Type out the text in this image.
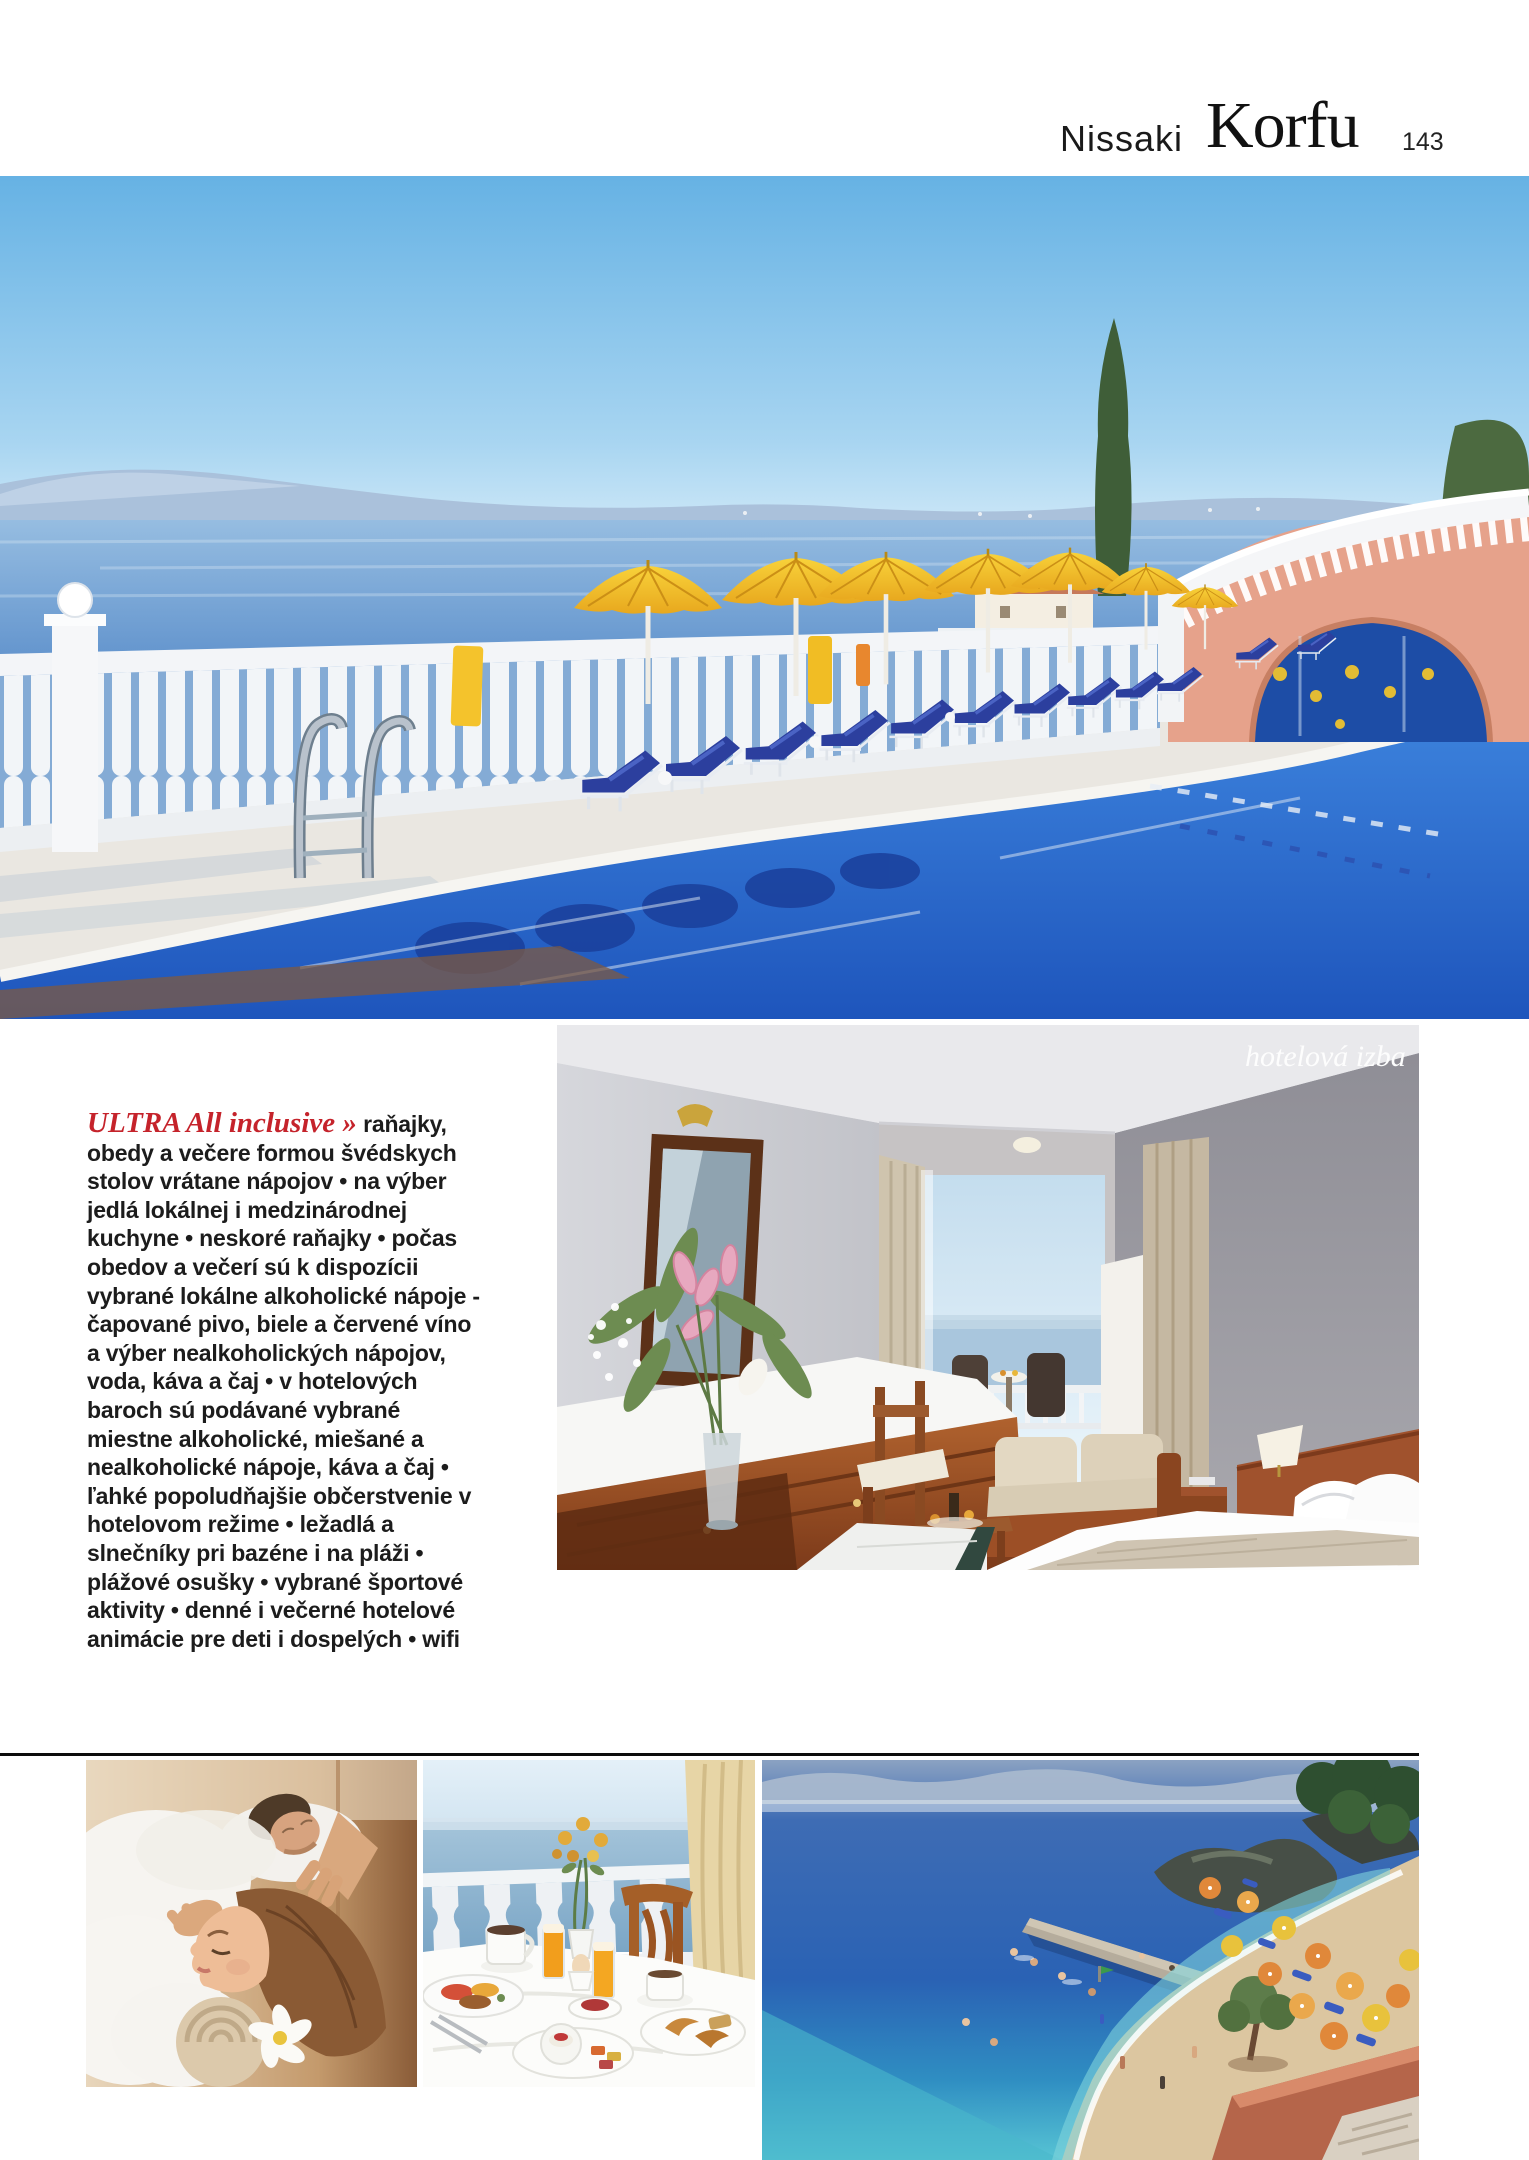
Nissaki Korfu 143
hotelová izba

ULTRA All inclusive » raňajky, obedy a večere formou švédskych stolov vrátane nápojov • na výber jedlá lokálnej i medzinárodnej kuchyne • neskoré raňajky • počas obedov a večerí sú k dispozícii vybrané lokálne alkoholické nápoje - čapované pivo, biele a červené víno a výber nealkoholických nápojov, voda, káva a čaj • v hotelových baroch sú podávané vybrané miestne alkoholické, miešané a nealkoholické nápoje, káva a čaj • ľahké popoludňajšie občerstvenie v hotelovom režime • ležadlá a slnečníky pri bazéne i na pláži • plážové osušky • vybrané športové aktivity • denné i večerné hotelové animácie pre deti i dospelých • wifi
